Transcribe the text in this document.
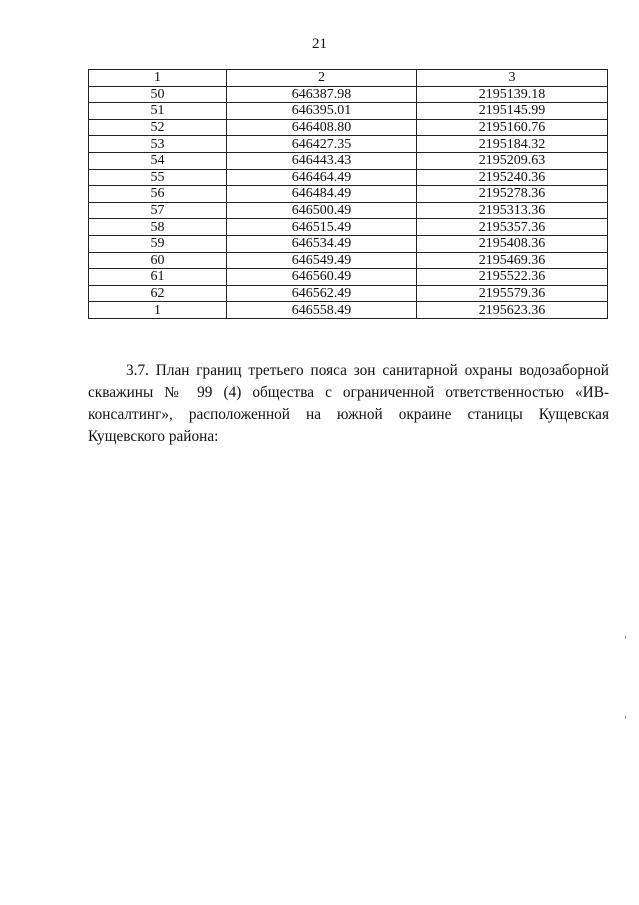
21
1	2	3
50	646387.98	2195139.18
51	646395.01	2195145.99
52	646408.80	2195160.76
53	646427.35	2195184.32
54	646443.43	2195209.63
55	646464.49	2195240.36
56	646484.49	2195278.36
57	646500.49	2195313.36
58	646515.49	2195357.36
59	646534.49	2195408.36
60	646549.49	2195469.36
61	646560.49	2195522.36
62	646562.49	2195579.36
1	646558.49	2195623.36

3.7. План границ третьего пояса зон санитарной охраны водозаборной скважины № 99 (4) общества с ограниченной ответственностью «ИВ-консалтинг», расположенной на южной окраине станицы Кущевская Кущевского района:
